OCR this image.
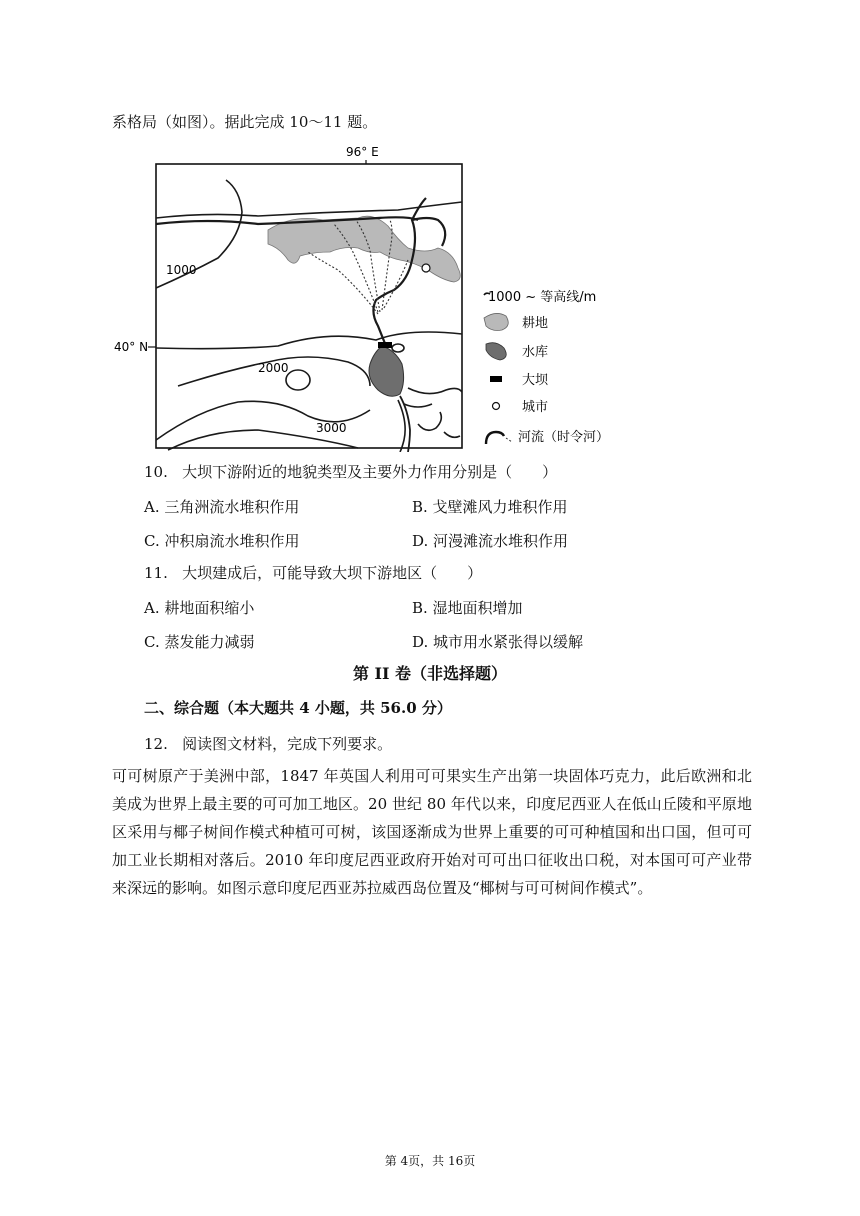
系格局（如图）。据此完成 10～11 题。
96° E
40° N
1000
2000
3000
1000 ~ 等高线/m
耕地
水库
大坝
城市
河流（时令河）
10. 大坝下游附近的地貌类型及主要外力作用分别是（　　）
A. 三角洲流水堆积作用	B. 戈壁滩风力堆积作用
C. 冲积扇流水堆积作用	D. 河漫滩流水堆积作用
11. 大坝建成后，可能导致大坝下游地区（　　）
A. 耕地面积缩小	B. 湿地面积增加
C. 蒸发能力减弱	D. 城市用水紧张得以缓解
第 II 卷（非选择题）
二、综合题（本大题共 4 小题，共 56.0 分）
12. 阅读图文材料，完成下列要求。

可可树原产于美洲中部，1847 年英国人利用可可果实生产出第一块固体巧克力，此后欧洲和北美成为世界上最主要的可可加工地区。20 世纪 80 年代以来，印度尼西亚人在低山丘陵和平原地区采用与椰子树间作模式种植可可树，该国逐渐成为世界上重要的可可种植国和出口国，但可可加工业长期相对落后。2010 年印度尼西亚政府开始对可可出口征收出口税，对本国可可产业带来深远的影响。如图示意印度尼西亚苏拉威西岛位置及“椰树与可可树间作模式”。

第 4页，共 16页
